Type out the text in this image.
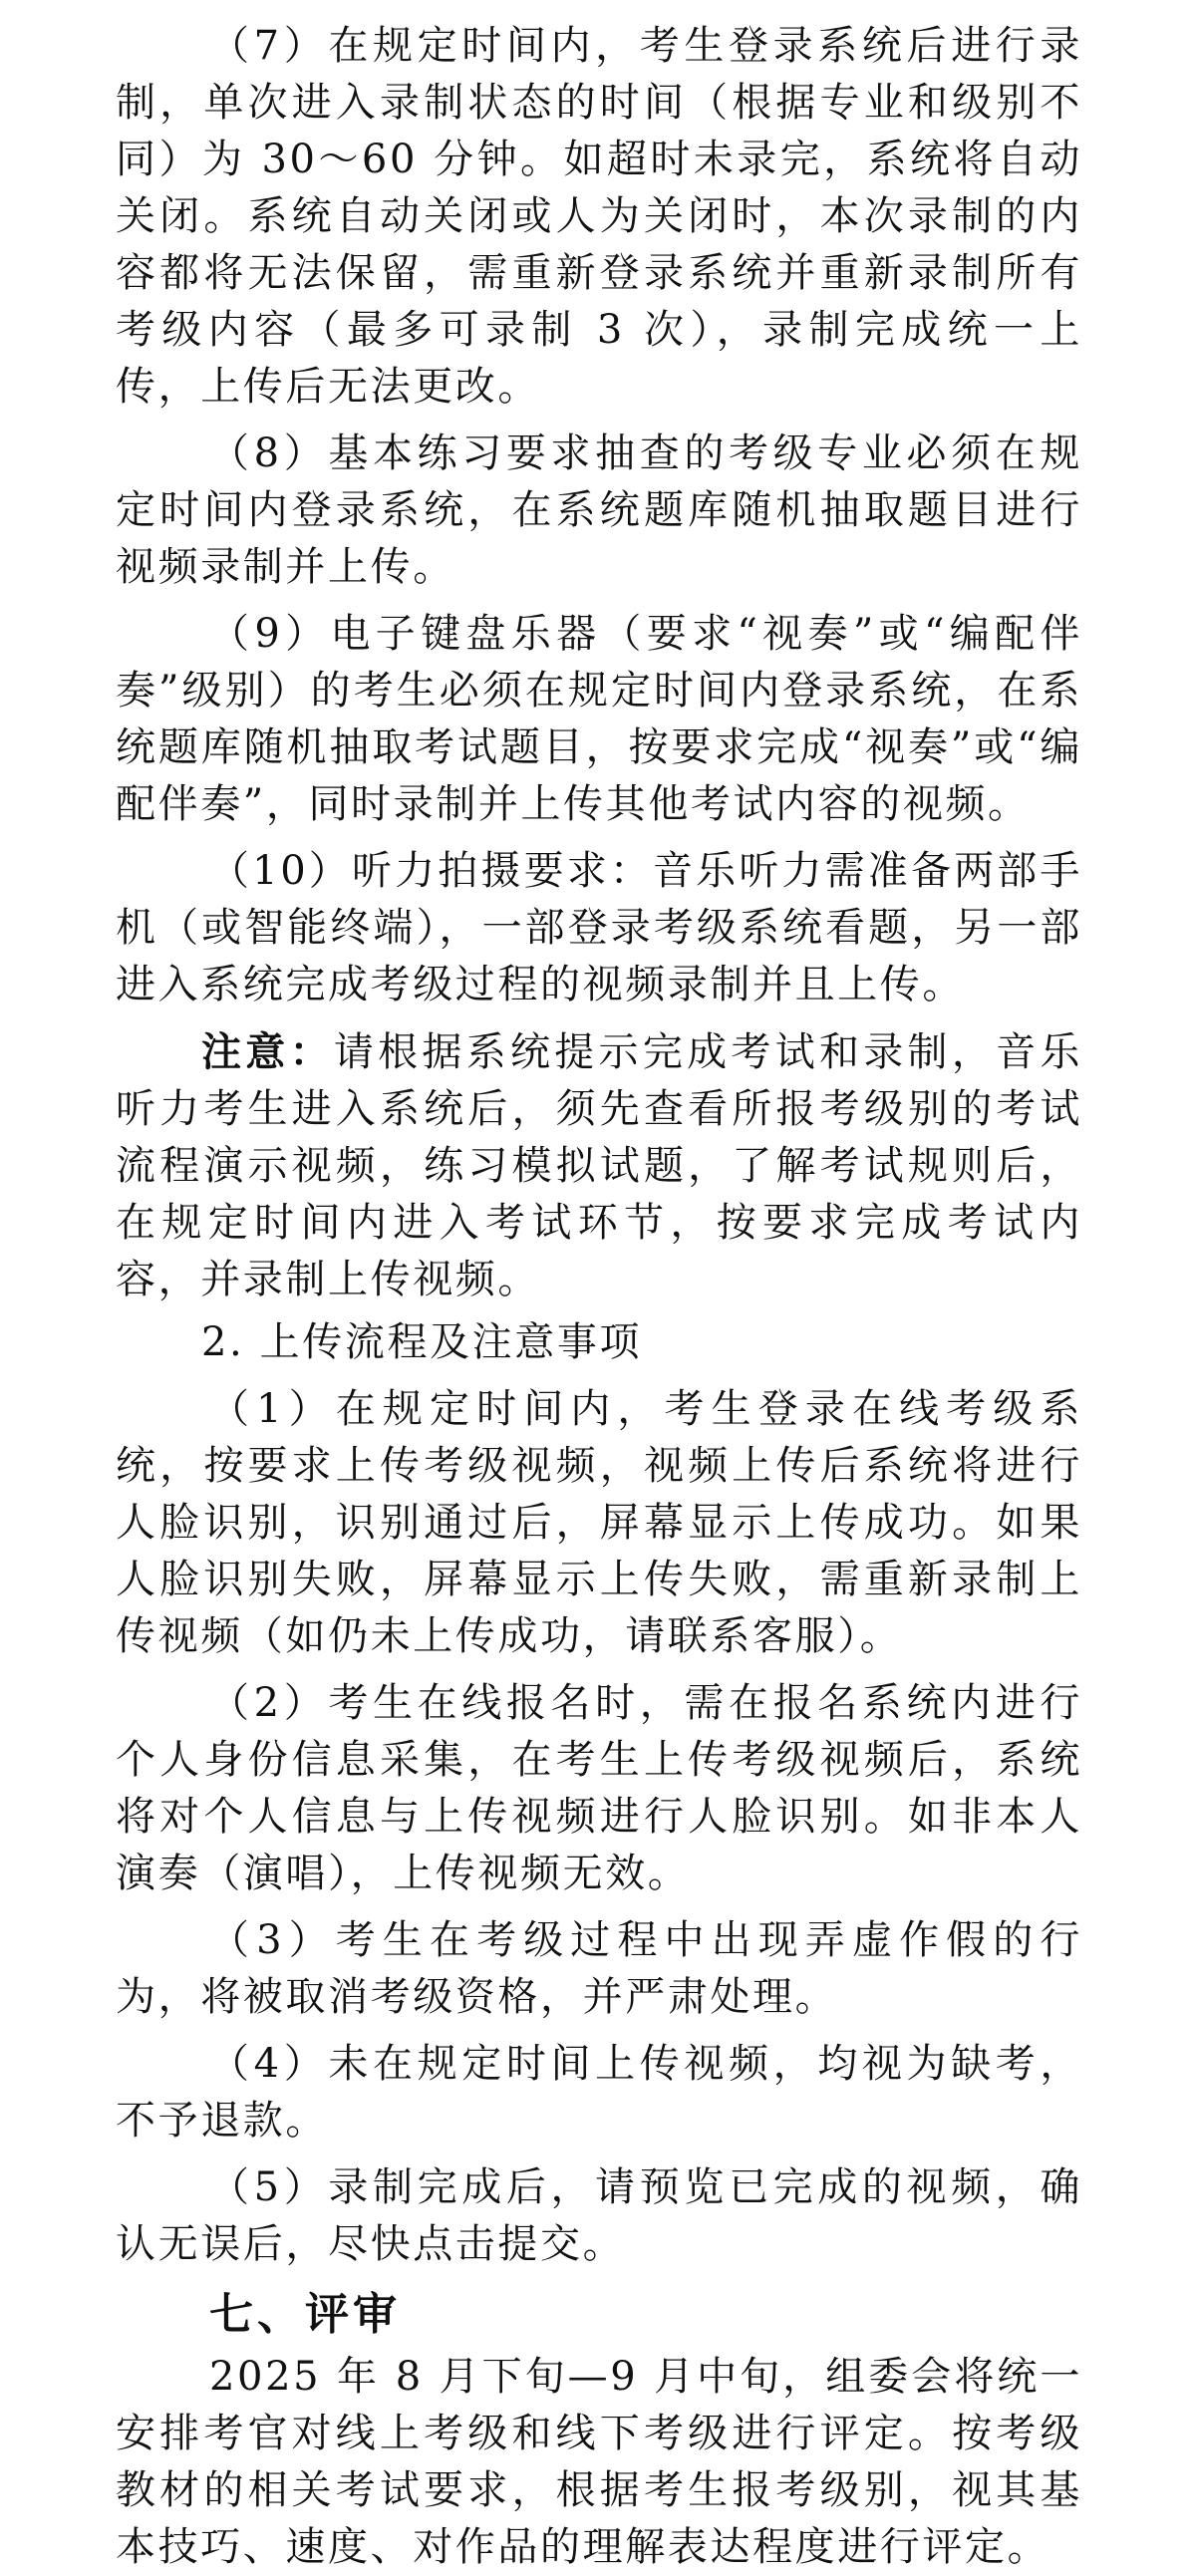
（7）在规定时间内，考生登录系统后进行录制，单次进入录制状态的时间（根据专业和级别不同）为 30～60 分钟。如超时未录完，系统将自动关闭。系统自动关闭或人为关闭时，本次录制的内容都将无法保留，需重新登录系统并重新录制所有考级内容（最多可录制 3 次），录制完成统一上传，上传后无法更改。

（8）基本练习要求抽查的考级专业必须在规定时间内登录系统，在系统题库随机抽取题目进行视频录制并上传。

（9）电子键盘乐器（要求“视奏”或“编配伴奏”级别）的考生必须在规定时间内登录系统，在系统题库随机抽取考试题目，按要求完成“视奏”或“编配伴奏”，同时录制并上传其他考试内容的视频。

（10）听力拍摄要求：音乐听力需准备两部手机（或智能终端），一部登录考级系统看题，另一部进入系统完成考级过程的视频录制并且上传。

注意：请根据系统提示完成考试和录制，音乐听力考生进入系统后，须先查看所报考级别的考试流程演示视频，练习模拟试题，了解考试规则后，在规定时间内进入考试环节，按要求完成考试内容，并录制上传视频。

2. 上传流程及注意事项

（1）在规定时间内，考生登录在线考级系统，按要求上传考级视频，视频上传后系统将进行人脸识别，识别通过后，屏幕显示上传成功。如果人脸识别失败，屏幕显示上传失败，需重新录制上传视频（如仍未上传成功，请联系客服）。

（2）考生在线报名时，需在报名系统内进行个人身份信息采集，在考生上传考级视频后，系统将对个人信息与上传视频进行人脸识别。如非本人演奏（演唱），上传视频无效。

（3）考生在考级过程中出现弄虚作假的行为，将被取消考级资格，并严肃处理。

（4）未在规定时间上传视频，均视为缺考，不予退款。

（5）录制完成后，请预览已完成的视频，确认无误后，尽快点击提交。

七、评审

2025 年 8 月下旬—9 月中旬，组委会将统一安排考官对线上考级和线下考级进行评定。按考级教材的相关考试要求，根据考生报考级别，视其基本技巧、速度、对作品的理解表达程度进行评定。
